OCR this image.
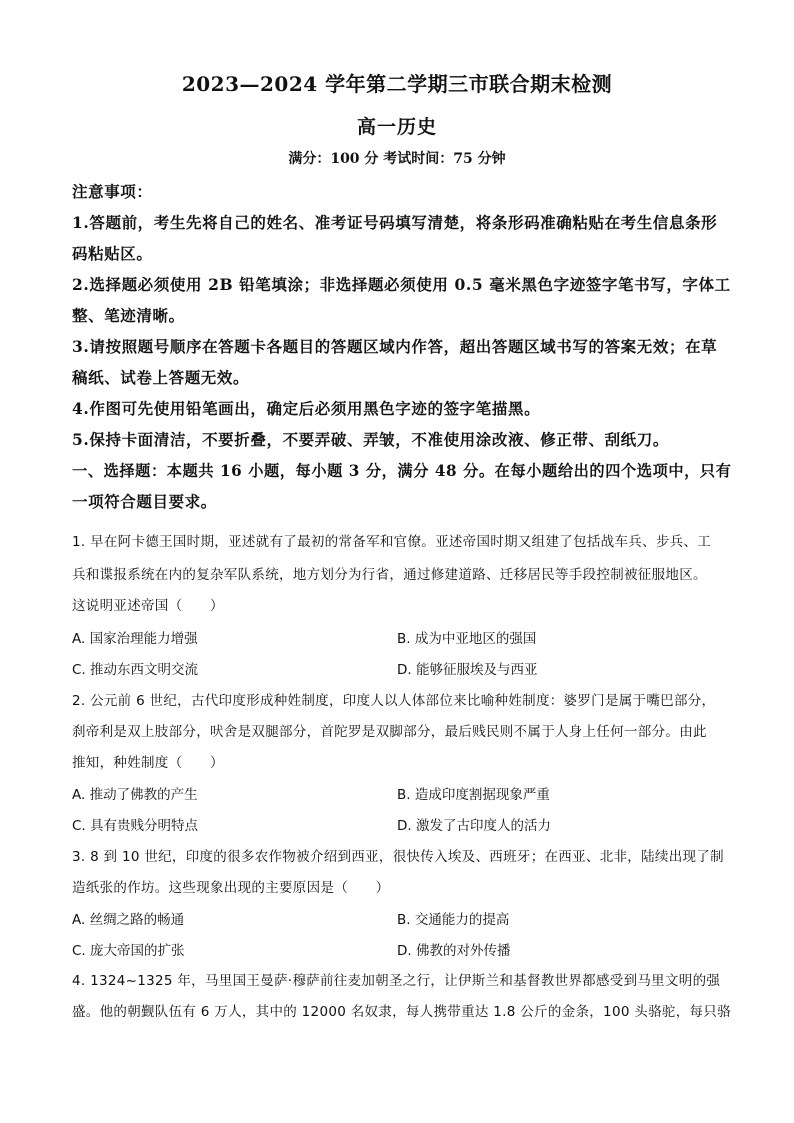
2023—2024 学年第二学期三市联合期末检测
高一历史
满分：100 分 考试时间：75 分钟
注意事项：
1.答题前，考生先将自己的姓名、准考证号码填写清楚，将条形码准确粘贴在考生信息条形
码粘贴区。
2.选择题必须使用 2B 铅笔填涂；非选择题必须使用 0.5 毫米黑色字迹签字笔书写，字体工
整、笔迹清晰。
3.请按照题号顺序在答题卡各题目的答题区域内作答，超出答题区域书写的答案无效；在草
稿纸、试卷上答题无效。
4.作图可先使用铅笔画出，确定后必须用黑色字迹的签字笔描黑。
5.保持卡面清洁，不要折叠，不要弄破、弄皱，不准使用涂改液、修正带、刮纸刀。
一、选择题：本题共 16 小题，每小题 3 分，满分 48 分。在每小题给出的四个选项中，只有
一项符合题目要求。
1. 早在阿卡德王国时期，亚述就有了最初的常备军和官僚。亚述帝国时期又组建了包括战车兵、步兵、工
兵和谍报系统在内的复杂军队系统，地方划分为行省，通过修建道路、迁移居民等手段控制被征服地区。
这说明亚述帝国（　　）
A. 国家治理能力增强	B. 成为中亚地区的强国
C. 推动东西文明交流	D. 能够征服埃及与西亚
2. 公元前 6 世纪，古代印度形成种姓制度，印度人以人体部位来比喻种姓制度：婆罗门是属于嘴巴部分，
刹帝利是双上肢部分，吠舍是双腿部分，首陀罗是双脚部分，最后贱民则不属于人身上任何一部分。由此
推知，种姓制度（　　）
A. 推动了佛教的产生	B. 造成印度割据现象严重
C. 具有贵贱分明特点	D. 激发了古印度人的活力
3. 8 到 10 世纪，印度的很多农作物被介绍到西亚，很快传入埃及、西班牙；在西亚、北非，陆续出现了制
造纸张的作坊。这些现象出现的主要原因是（　　）
A. 丝绸之路的畅通	B. 交通能力的提高
C. 庞大帝国的扩张	D. 佛教的对外传播
4. 1324~1325 年，马里国王曼萨·穆萨前往麦加朝圣之行，让伊斯兰和基督教世界都感受到马里文明的强
盛。他的朝觐队伍有 6 万人，其中的 12000 名奴隶，每人携带重达 1.8 公斤的金条，100 头骆驼，每只骆
